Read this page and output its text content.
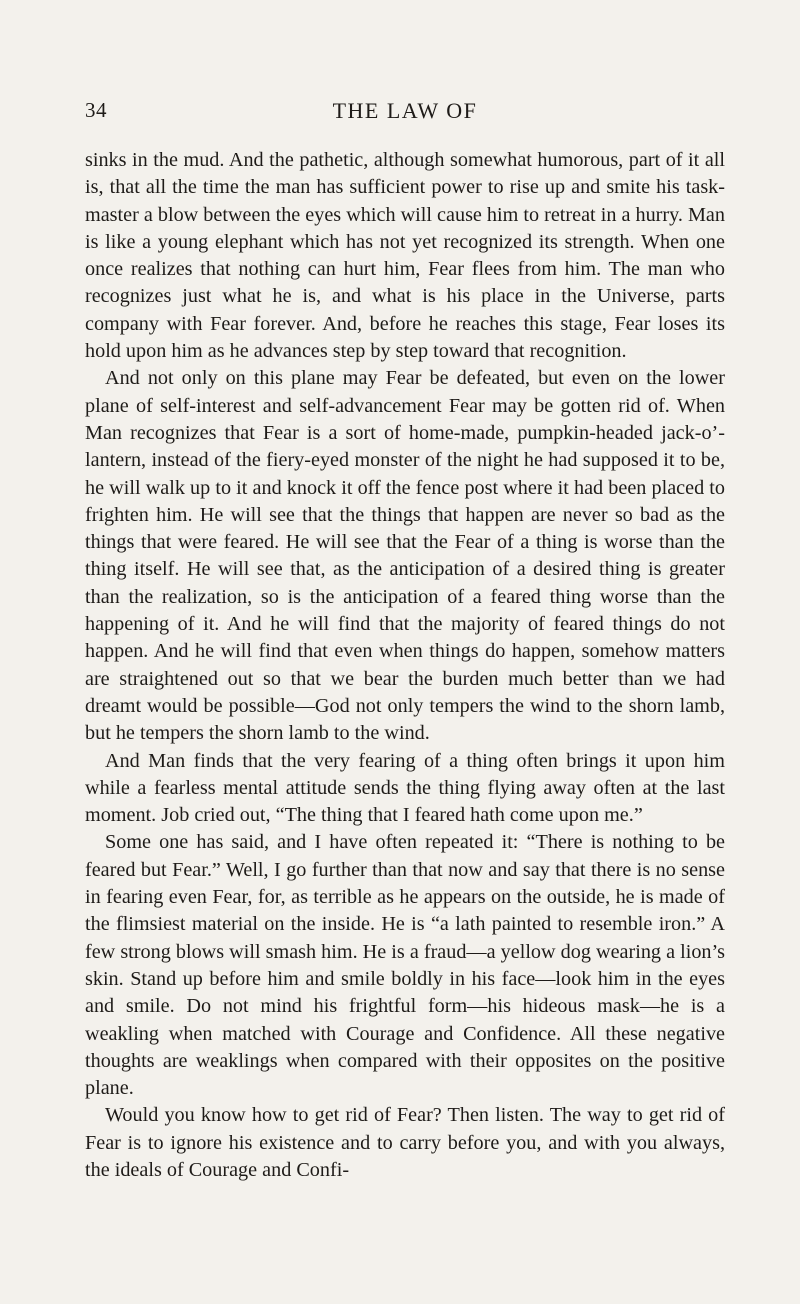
34	THE LAW OF

sinks in the mud. And the pathetic, although somewhat humorous, part of it all is, that all the time the man has sufficient power to rise up and smite his task-master a blow between the eyes which will cause him to retreat in a hurry. Man is like a young elephant which has not yet recognized its strength. When one once realizes that nothing can hurt him, Fear flees from him. The man who recognizes just what he is, and what is his place in the Universe, parts company with Fear forever. And, before he reaches this stage, Fear loses its hold upon him as he advances step by step toward that recognition.

And not only on this plane may Fear be defeated, but even on the lower plane of self-interest and self-advancement Fear may be gotten rid of. When Man recognizes that Fear is a sort of home-made, pumpkin-headed jack-o’-lantern, instead of the fiery-eyed monster of the night he had supposed it to be, he will walk up to it and knock it off the fence post where it had been placed to frighten him. He will see that the things that happen are never so bad as the things that were feared. He will see that the Fear of a thing is worse than the thing itself. He will see that, as the anticipation of a desired thing is greater than the realization, so is the anticipation of a feared thing worse than the happening of it. And he will find that the majority of feared things do not happen. And he will find that even when things do happen, somehow matters are straightened out so that we bear the burden much better than we had dreamt would be possible—God not only tempers the wind to the shorn lamb, but he tempers the shorn lamb to the wind.

And Man finds that the very fearing of a thing often brings it upon him while a fearless mental attitude sends the thing flying away often at the last moment. Job cried out, “The thing that I feared hath come upon me.”

Some one has said, and I have often repeated it: “There is nothing to be feared but Fear.” Well, I go further than that now and say that there is no sense in fearing even Fear, for, as terrible as he appears on the outside, he is made of the flimsiest material on the inside. He is “a lath painted to resemble iron.” A few strong blows will smash him. He is a fraud—a yellow dog wearing a lion’s skin. Stand up before him and smile boldly in his face—look him in the eyes and smile. Do not mind his frightful form—his hideous mask—he is a weakling when matched with Courage and Confidence. All these negative thoughts are weaklings when compared with their opposites on the positive plane.

Would you know how to get rid of Fear? Then listen. The way to get rid of Fear is to ignore his existence and to carry before you, and with you always, the ideals of Courage and Confi-
